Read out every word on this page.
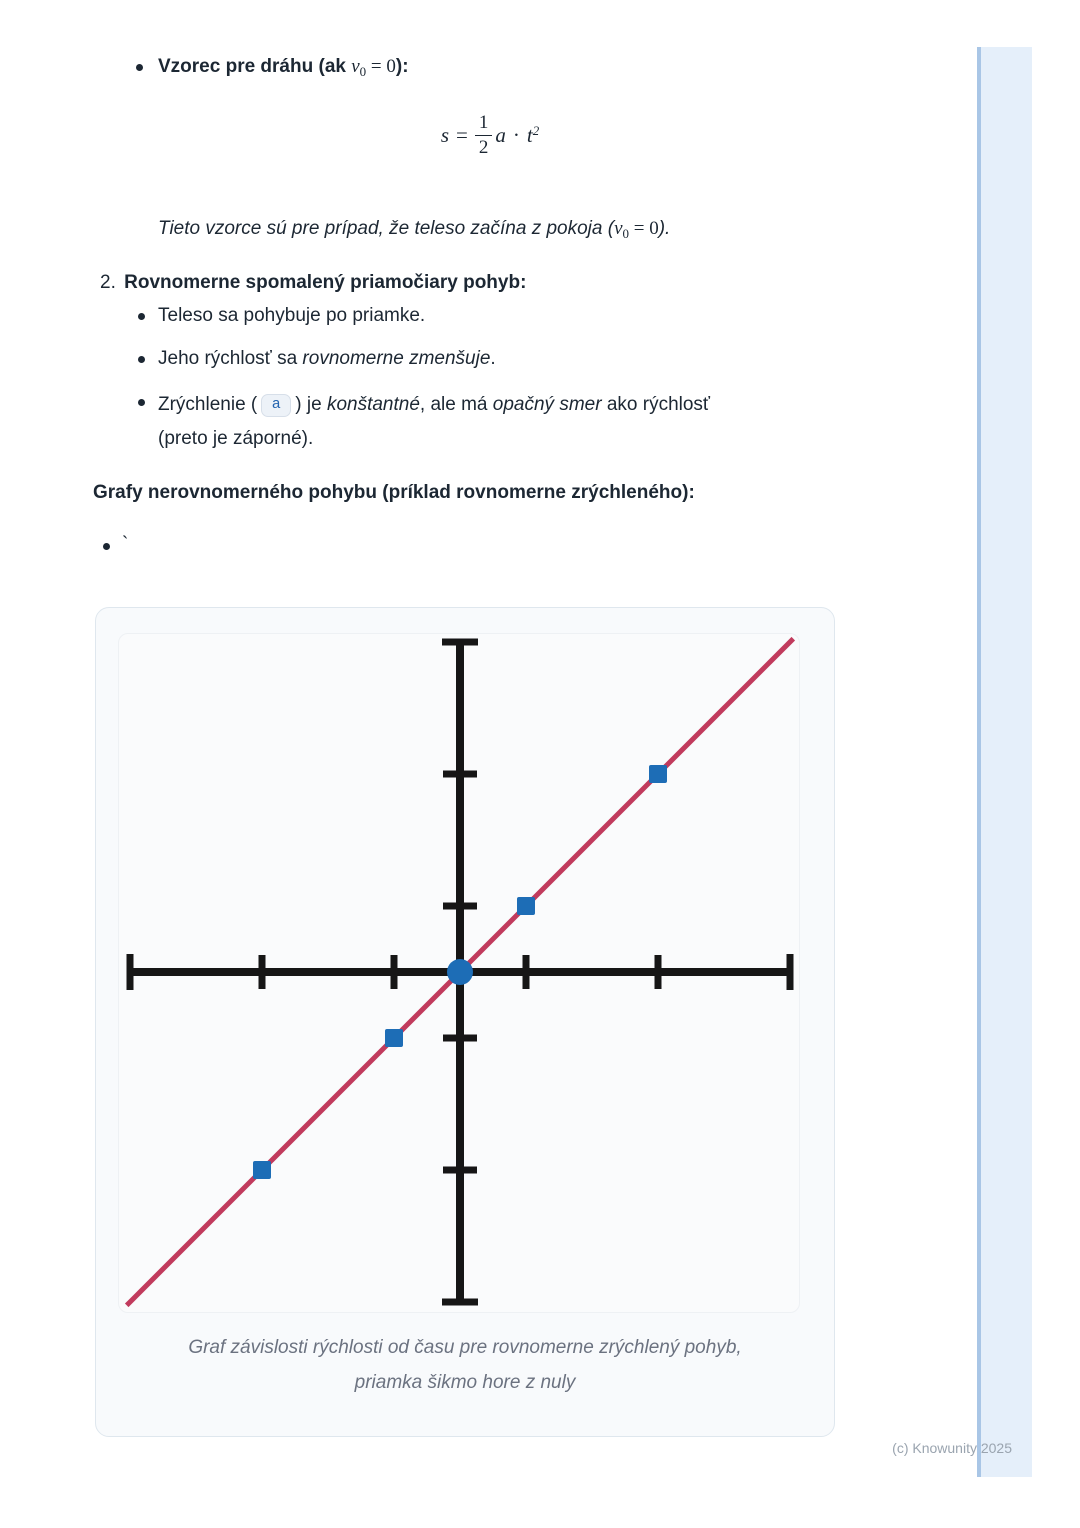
Vzorec pre dráhu (ak $v_0 = 0$):
$s = \frac{1}{2}$ $a \cdot t^2$
Tieto vzorce sú pre prípad, že teleso začína z pokoja $(v_0 = 0)$.
2. Rovnomerne spomalený priamočiary pohyb:
Teleso sa pohybuje po priamke.
Jeho rýchlosť sa rovnomerne zmenšuje.
Zrýchlenie ( a ) je konštantné, ale má opačný smer ako rýchlosť
(preto je záporné).
Grafy nerovnomerného pohybu (príklad rovnomerne zrýchleného):
`
Graf závislosti rýchlosti od času pre rovnomerne zrýchlený pohyb,
priamka šikmo hore z nuly
(c) Knowunity 2025
